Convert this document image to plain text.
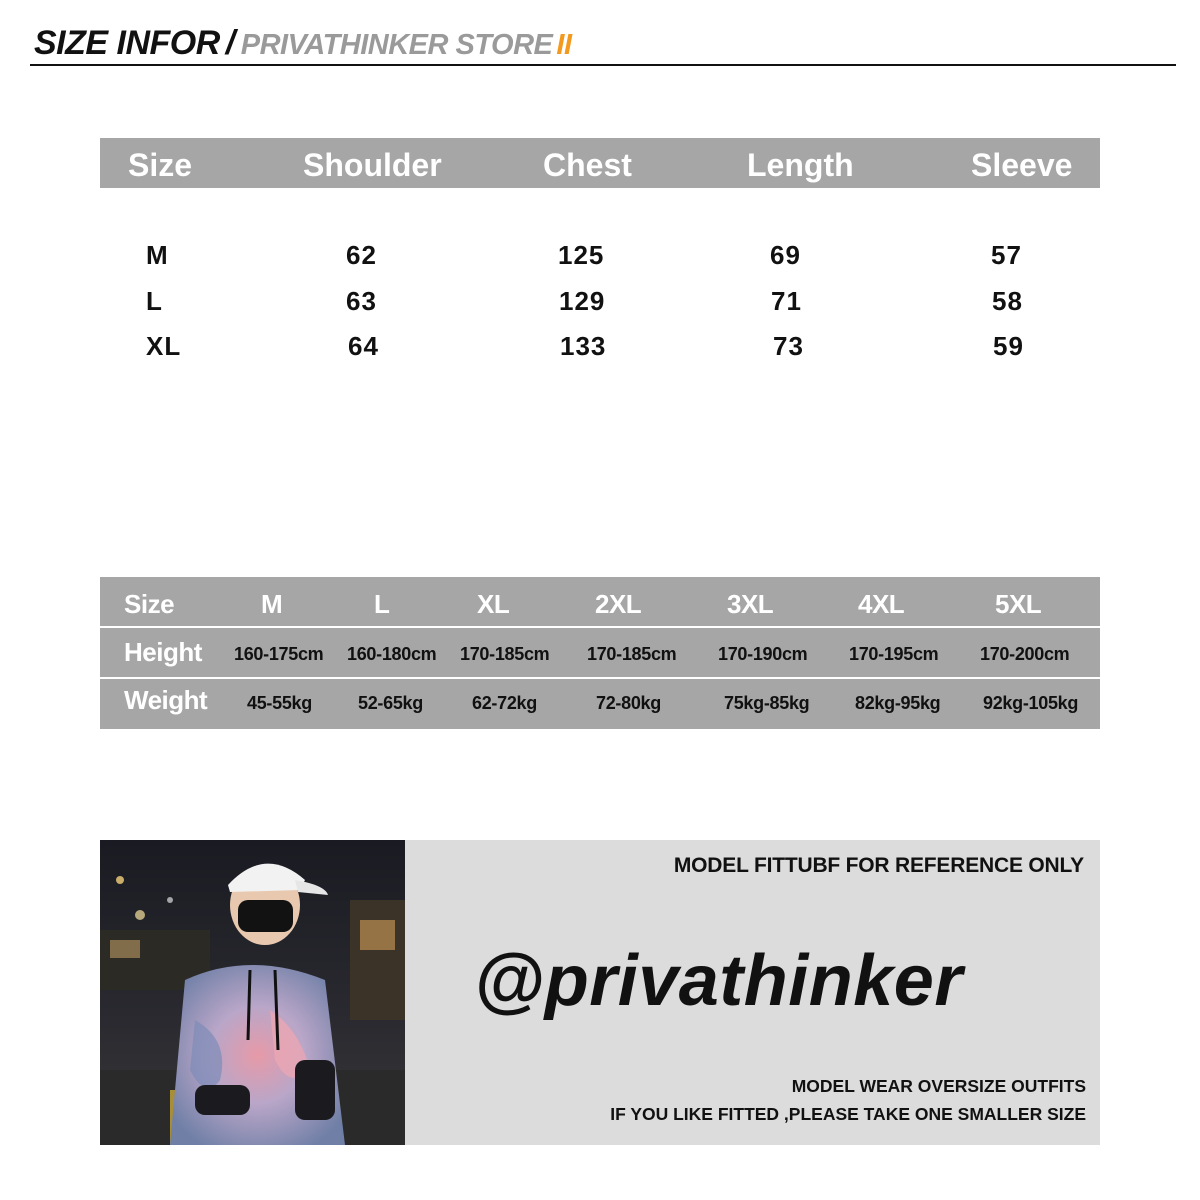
SIZE INFOR / PRIVATHINKER STORE II
Size	Shoulder	Chest	Length	Sleeve
M	62	125	69	57
L	63	129	71	58
XL	64	133	73	59
Size	M	L	XL	2XL	3XL	4XL	5XL
Height 160-175cm 160-180cm 170-185cm 170-185cm 170-190cm 170-195cm 170-200cm
Weight 45-55kg	52-65kg	62-72kg	72-80kg	75kg-85kg	82kg-95kg 92kg-105kg
MODEL FITTUBF FOR REFERENCE ONLY
@privathinker
MODEL WEAR OVERSIZE OUTFITS
IF YOU LIKE FITTED ,PLEASE TAKE ONE SMALLER SIZE
